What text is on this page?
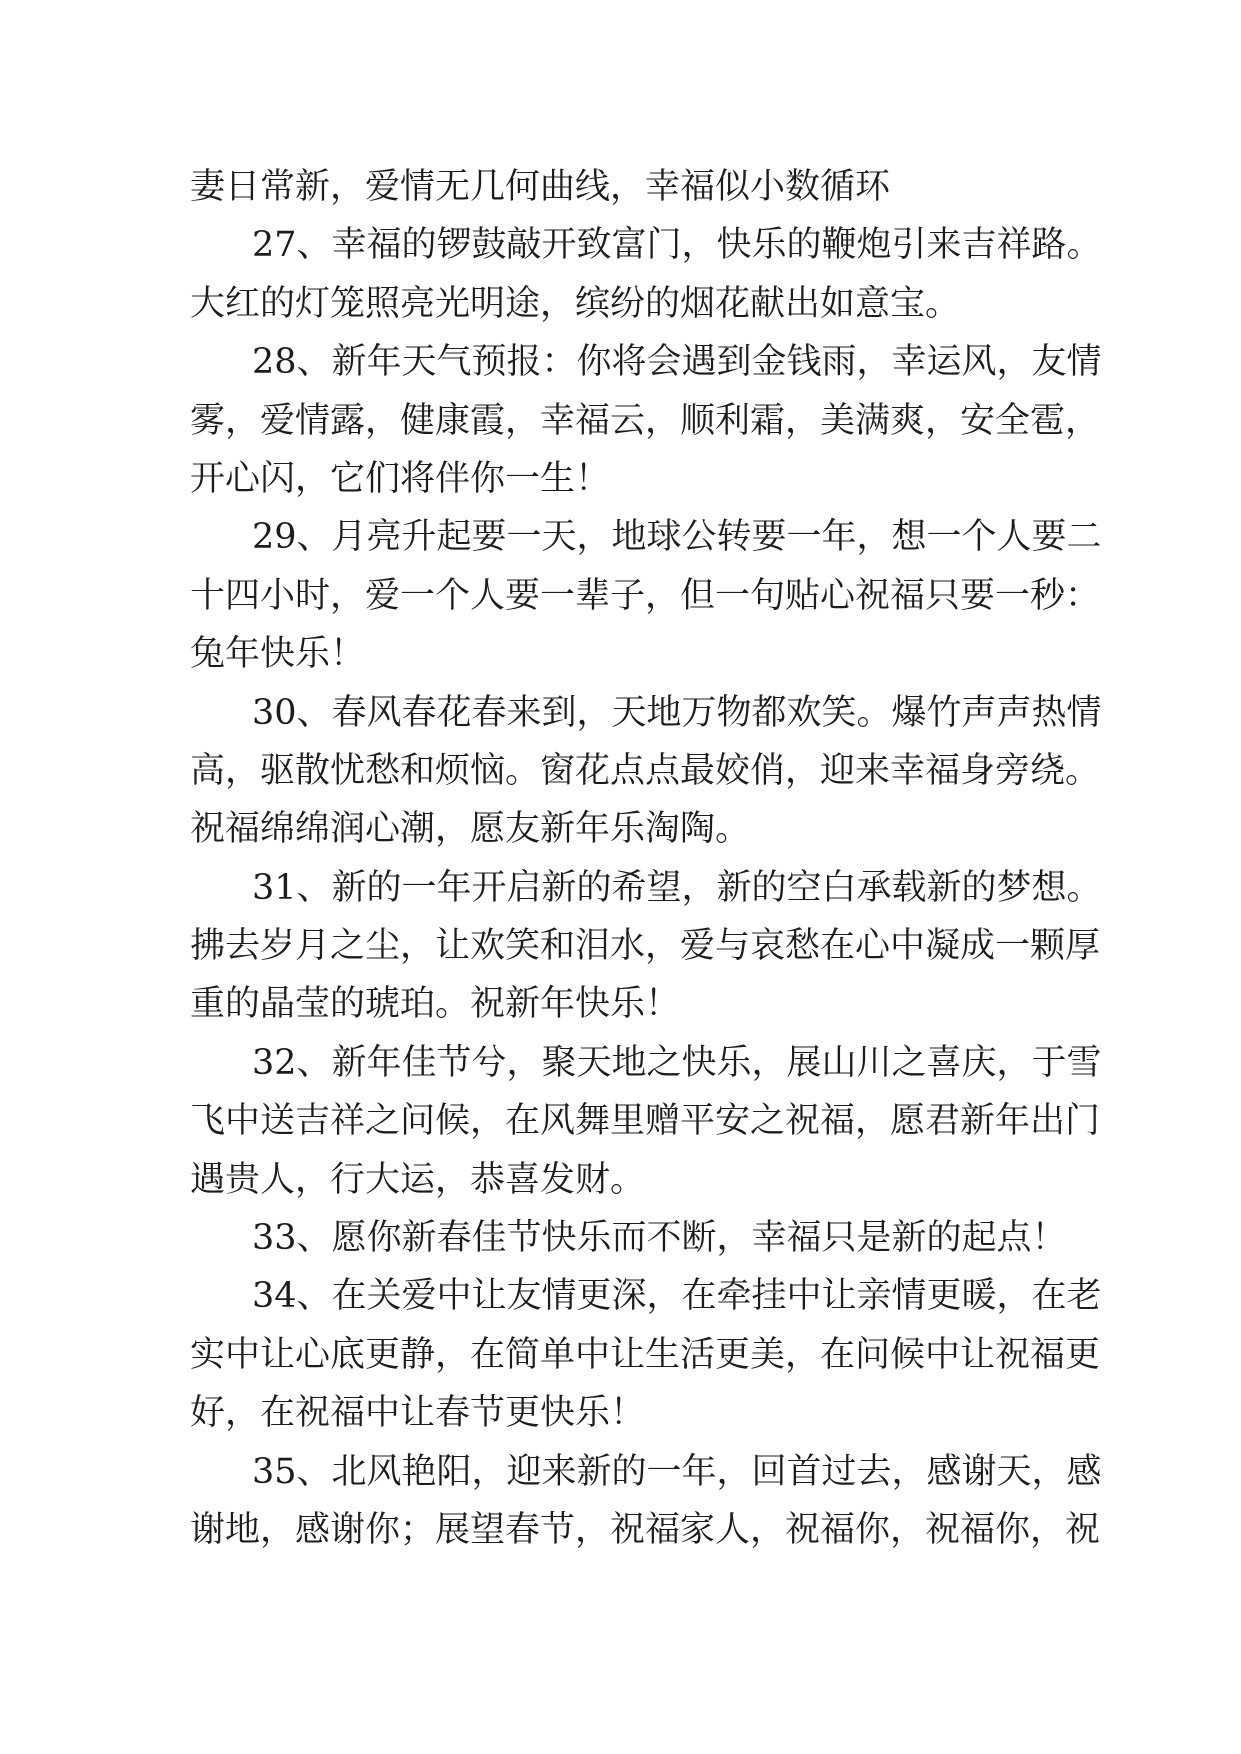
妻日常新，爱情无几何曲线，幸福似小数循环
27、幸福的锣鼓敲开致富门，快乐的鞭炮引来吉祥路。
大红的灯笼照亮光明途，缤纷的烟花献出如意宝。
28、新年天气预报：你将会遇到金钱雨，幸运风，友情
雾，爱情露，健康霞，幸福云，顺利霜，美满爽，安全雹，
开心闪，它们将伴你一生！
29、月亮升起要一天，地球公转要一年，想一个人要二
十四小时，爱一个人要一辈子，但一句贴心祝福只要一秒：
兔年快乐！
30、春风春花春来到，天地万物都欢笑。爆竹声声热情
高，驱散忧愁和烦恼。窗花点点最姣俏，迎来幸福身旁绕。
祝福绵绵润心潮，愿友新年乐淘陶。
31、新的一年开启新的希望，新的空白承载新的梦想。
拂去岁月之尘，让欢笑和泪水，爱与哀愁在心中凝成一颗厚
重的晶莹的琥珀。祝新年快乐！
32、新年佳节兮，聚天地之快乐，展山川之喜庆，于雪
飞中送吉祥之问候，在风舞里赠平安之祝福，愿君新年出门
遇贵人，行大运，恭喜发财。
33、愿你新春佳节快乐而不断，幸福只是新的起点！
34、在关爱中让友情更深，在牵挂中让亲情更暖，在老
实中让心底更静，在简单中让生活更美，在问候中让祝福更
好，在祝福中让春节更快乐！
35、北风艳阳，迎来新的一年，回首过去，感谢天，感
谢地，感谢你；展望春节，祝福家人，祝福你，祝福你，祝
